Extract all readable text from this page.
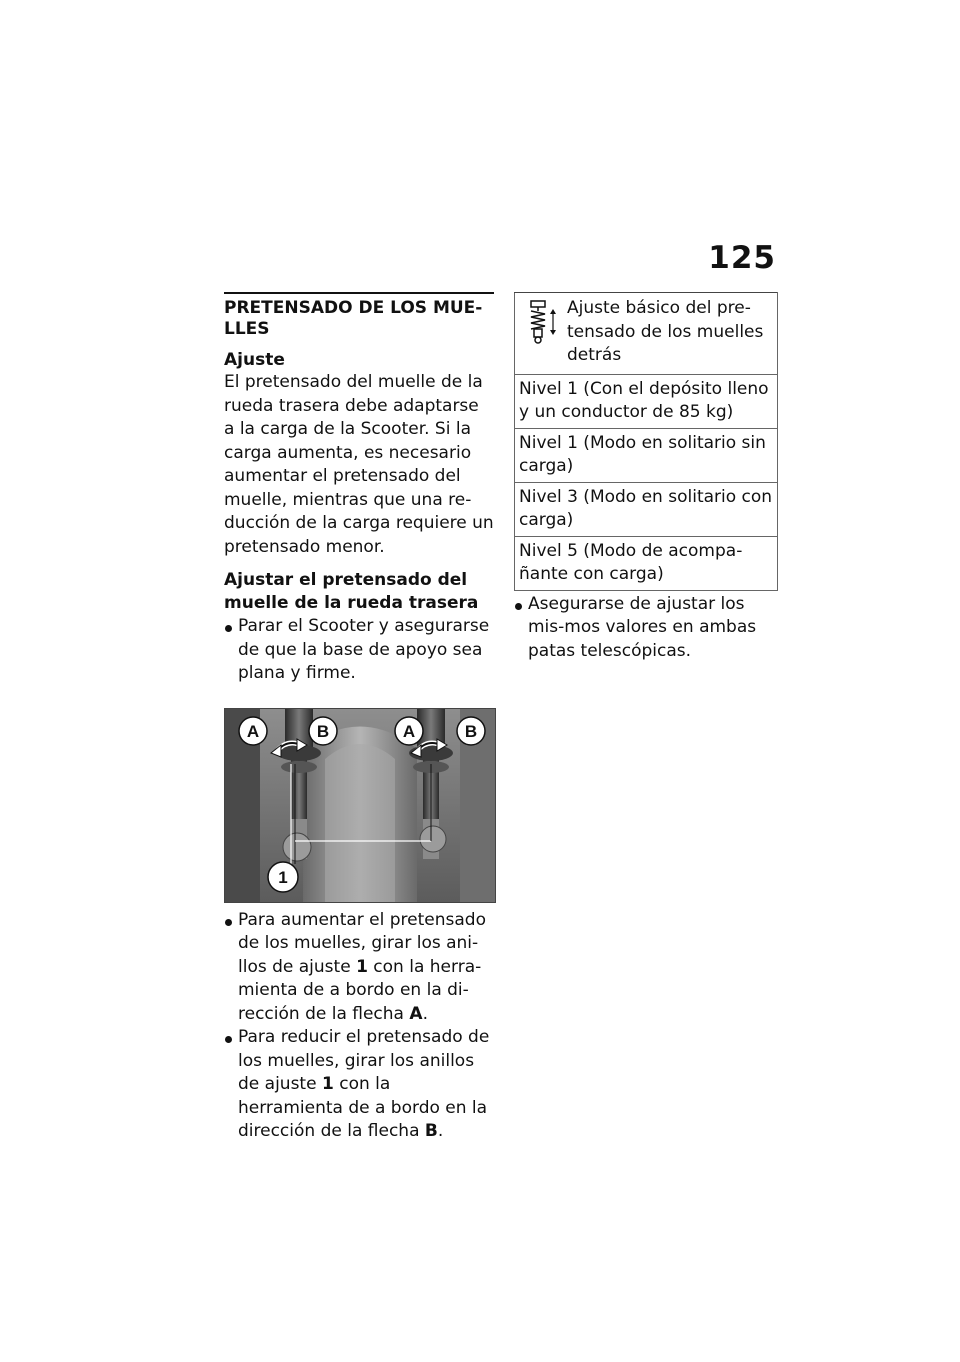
125
PRETENSADO DE LOS MUE-LLES
Ajuste

El pretensado del muelle de la rueda trasera debe adaptarse a la carga de la Scooter. Si la carga aumenta, es necesario aumentar el pretensado del muelle, mientras que una re-ducción de la carga requiere un pretensado menor.

Ajustar el pretensado del muelle de la rueda trasera
Parar el Scooter y asegurarse de que la base de apoyo sea plana y firme.
A	B	A	B
1
Para aumentar el pretensado de los muelles, girar los ani-llos de ajuste 1 con la herra-mienta de a bordo en la di-rección de la flecha A.
Para reducir el pretensado de los muelles, girar los anillos de ajuste 1 con la herramienta de a bordo en la dirección de la flecha B.
Ajuste básico del pre-tensado de los muelles detrás
Nivel 1 (Con el depósito lleno y un conductor de 85 kg)
Nivel 1 (Modo en solitario sin carga)
Nivel 3 (Modo en solitario con carga)
Nivel 5 (Modo de acompa-ñante con carga)
Asegurarse de ajustar los mis-mos valores en ambas patas telescópicas.
